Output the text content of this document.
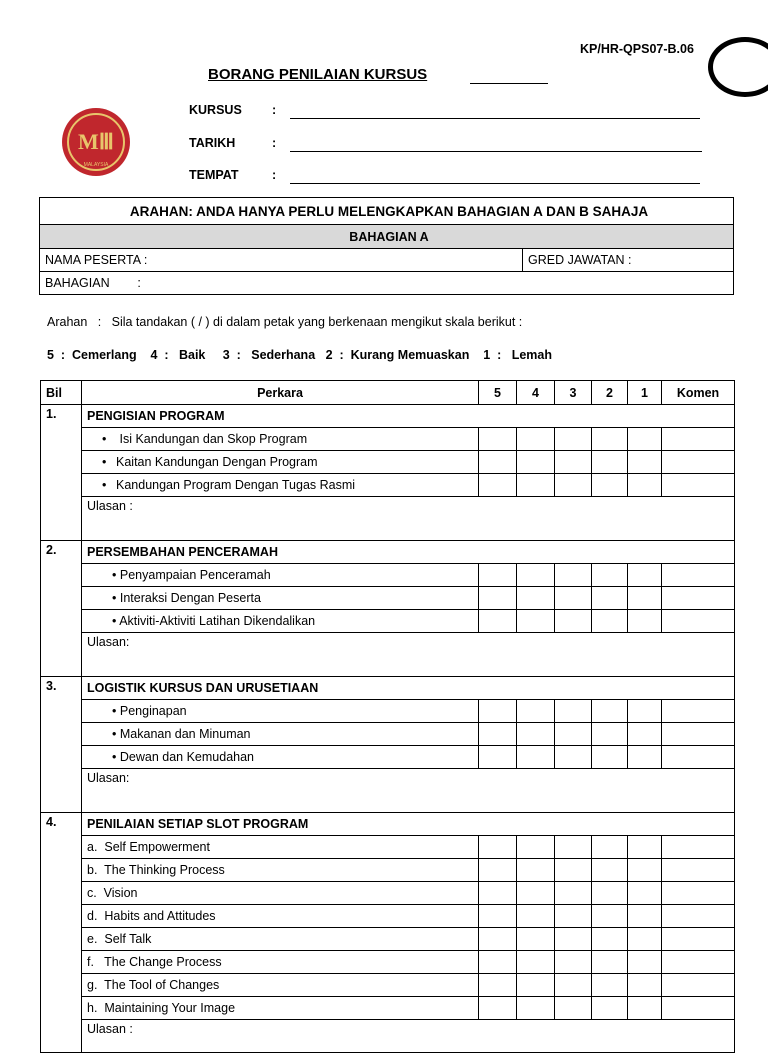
KP/HR-QPS07-B.06
BORANG PENILAIAN KURSUS
MⅢ
MALAYSIA
KURSUS :
TARIKH	:
TEMPAT	:
ARAHAN: ANDA HANYA PERLU MELENGKAPKAN BAHAGIAN A DAN B SAHAJA
BAHAGIAN A
NAMA PESERTA :	GRED JAWATAN :
BAHAGIAN        :
Arahan   :   Sila tandakan ( / ) di dalam petak yang berkenaan mengikut skala berikut :
5  :  Cemerlang    4  :   Baik     3  :   Sederhana   2  :  Kurang Memuaskan    1  :   Lemah
Bil	Perkara	5	4	3	2	1	Komen
1.	PENGISIAN PROGRAM						
	• Isi Kandungan dan Skop Program						
	• Kaitan Kandungan Dengan Program						
	• Kandungan Program Dengan Tugas Rasmi						
	Ulasan :						
2.	PERSEMBAHAN PENCERAMAH						
	• Penyampaian Penceramah						
	• Interaksi Dengan Peserta						
	• Aktiviti-Aktiviti Latihan Dikendalikan						
	Ulasan:						
3.	LOGISTIK KURSUS DAN URUSETIAAN						
	• Penginapan						
	• Makanan dan Minuman						
	• Dewan dan Kemudahan						
	Ulasan:						
4.	PENILAIAN SETIAP SLOT PROGRAM						
	a.  Self Empowerment						
	b.  The Thinking Process						
	c.  Vision						
	d.  Habits and Attitudes						
	e.  Self Talk						
	f.   The Change Process						
	g.  The Tool of Changes						
	h.  Maintaining Your Image						
	Ulasan :						
